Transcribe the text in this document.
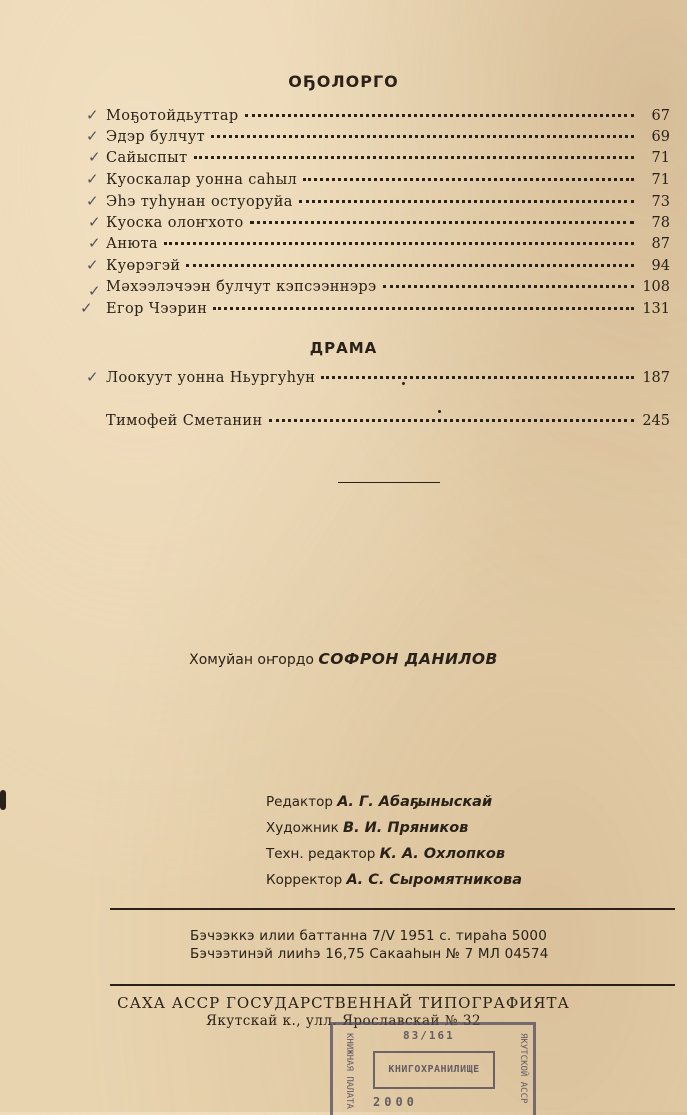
ОҔОЛОРГО
Моҕотойдьуттар	67
Эдэр булчут	69
Сайыспыт	71
Куоскалар уонна саһыл	71
Эһэ туһунан остуоруйа	73
Куоска олоҥхото	78
Анюта	87
Куөрэгэй	94
Мәхээлэчээн булчут кэпсээннэрэ	108
Егор Чээрин	131
✓
✓
✓
✓
✓
✓
✓
✓
✓
✓
ДРАМА
Лоокуут уонна Ньургуһун	187
Тимофей Сметанин	245
✓
Хомуйан оҥордо СОФРОН ДАНИЛОВ
Редактор А. Г. Абаҕыныскай
Художник В. И. Пряников
Техн. редактор К. А. Охлопков
Корректор А. С. Сыромятникова
Бэчээккэ илии баттанна 7/V 1951 с. тираһа 5000
Бэчээтинэй лииһэ 16,75 Сакааһын № 7 МЛ 04574
САХА АССР ГОСУДАРСТВЕННАЙ ТИПОГРАФИЯТА
Якутскай к., улл. Ярославскай № 32
83/161
КНИЖНАЯ ПАЛАТА	КНИГОХРАНИЛИЩЕ	ЯКУТСКОЙ АССР
2000
